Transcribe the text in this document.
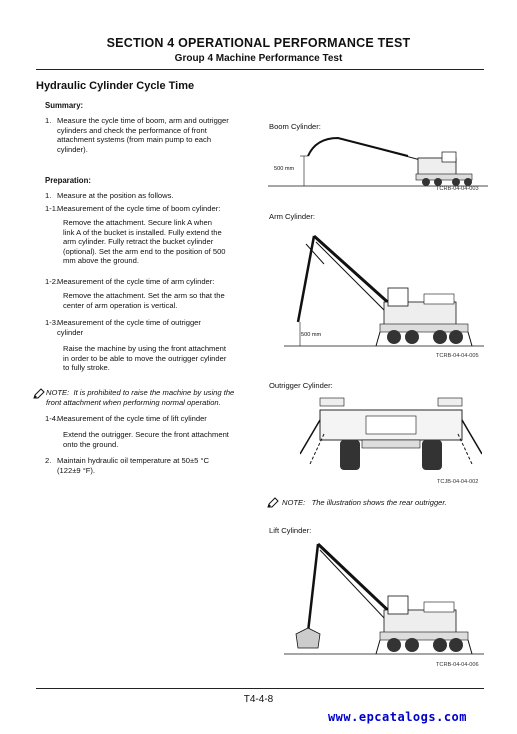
SECTION 4 OPERATIONAL PERFORMANCE TEST
Group 4 Machine Performance Test
Hydraulic Cylinder Cycle Time
Summary:
1. Measure the cycle time of boom, arm and outrigger
cylinders and check the performance of front
attachment systems (from main pump to each
cylinder).
Preparation:
1. Measure at the position as follows.
1-1.
Measurement of the cycle time of boom cylinder:
Remove the attachment. Secure link A when
link A of the bucket is installed. Fully extend the
arm cylinder. Fully retract the bucket cylinder
(optional). Set the arm end to the position of 500
mm above the ground.
1-2.
Measurement of the cycle time of arm cylinder:
Remove the attachment. Set the arm so that the
center of arm operation is vertical.
1-3.
Measurement of the cycle time of outrigger
cylinder
Raise the machine by using the front attachment
in order to be able to move the outrigger cylinder
to fully stroke.
NOTE: It is prohibited to raise the machine by using the
front attachment when performing normal operation.
1-4.
Measurement of the cycle time of lift cylinder
Extend the outrigger. Secure the front attachment
onto the ground.
2. Maintain hydraulic oil temperature at 50±5 °C
(122±9 °F).
Boom Cylinder:
500 mm
TCRB-04-04-003
Arm Cylinder:
500 mm
TCRB-04-04-005
Outrigger Cylinder:
TCJB-04-04-002
NOTE: The illustration shows the rear outrigger.
Lift Cylinder:
TCRB-04-04-006
T4-4-8
www.epcatalogs.com
